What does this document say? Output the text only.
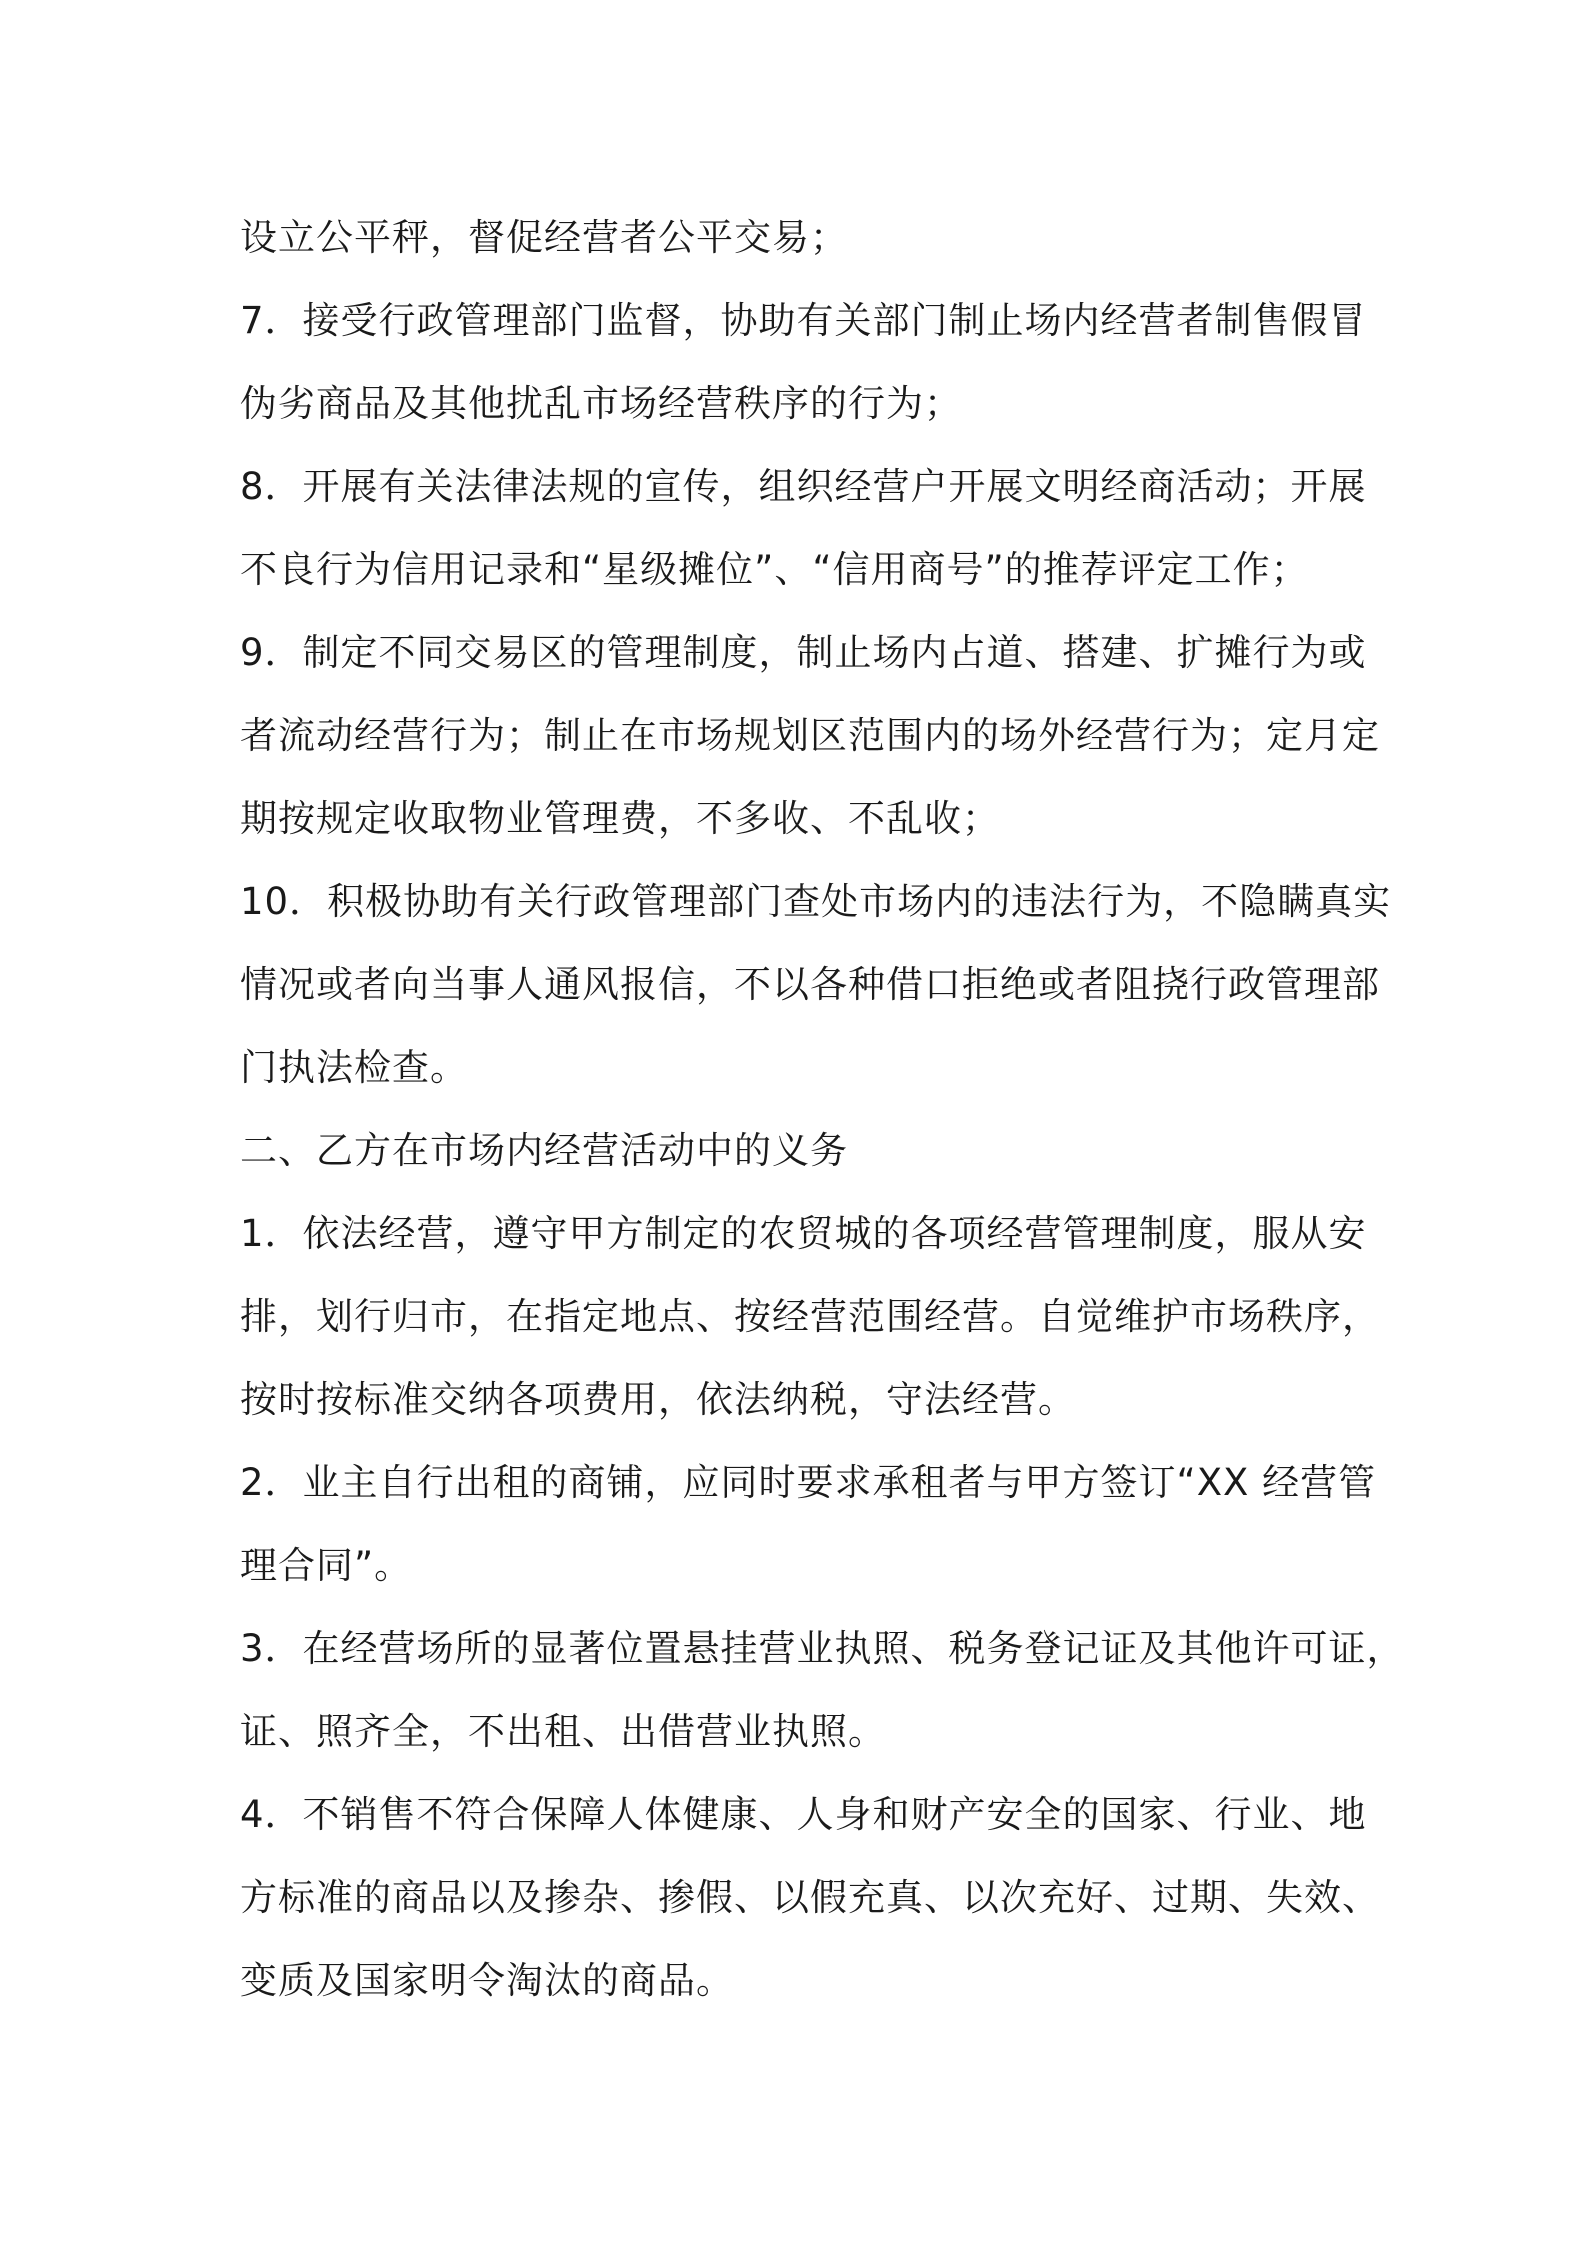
设立公平秤，督促经营者公平交易；

7．接受行政管理部门监督，协助有关部门制止场内经营者制售假冒
伪劣商品及其他扰乱市场经营秩序的行为；

8．开展有关法律法规的宣传，组织经营户开展文明经商活动；开展
不良行为信用记录和“星级摊位”、“信用商号”的推荐评定工作；

9．制定不同交易区的管理制度，制止场内占道、搭建、扩摊行为或
者流动经营行为；制止在市场规划区范围内的场外经营行为；定月定
期按规定收取物业管理费，不多收、不乱收；

10．积极协助有关行政管理部门查处市场内的违法行为，不隐瞒真实
情况或者向当事人通风报信，不以各种借口拒绝或者阻挠行政管理部
门执法检查。

二、乙方在市场内经营活动中的义务

1．依法经营，遵守甲方制定的农贸城的各项经营管理制度，服从安
排，划行归市，在指定地点、按经营范围经营。自觉维护市场秩序，
按时按标准交纳各项费用，依法纳税，守法经营。

2．业主自行出租的商铺，应同时要求承租者与甲方签订“XX 经营管
理合同”。

3．在经营场所的显著位置悬挂营业执照、税务登记证及其他许可证，
证、照齐全，不出租、出借营业执照。

4．不销售不符合保障人体健康、人身和财产安全的国家、行业、地
方标准的商品以及掺杂、掺假、以假充真、以次充好、过期、失效、
变质及国家明令淘汰的商品。
